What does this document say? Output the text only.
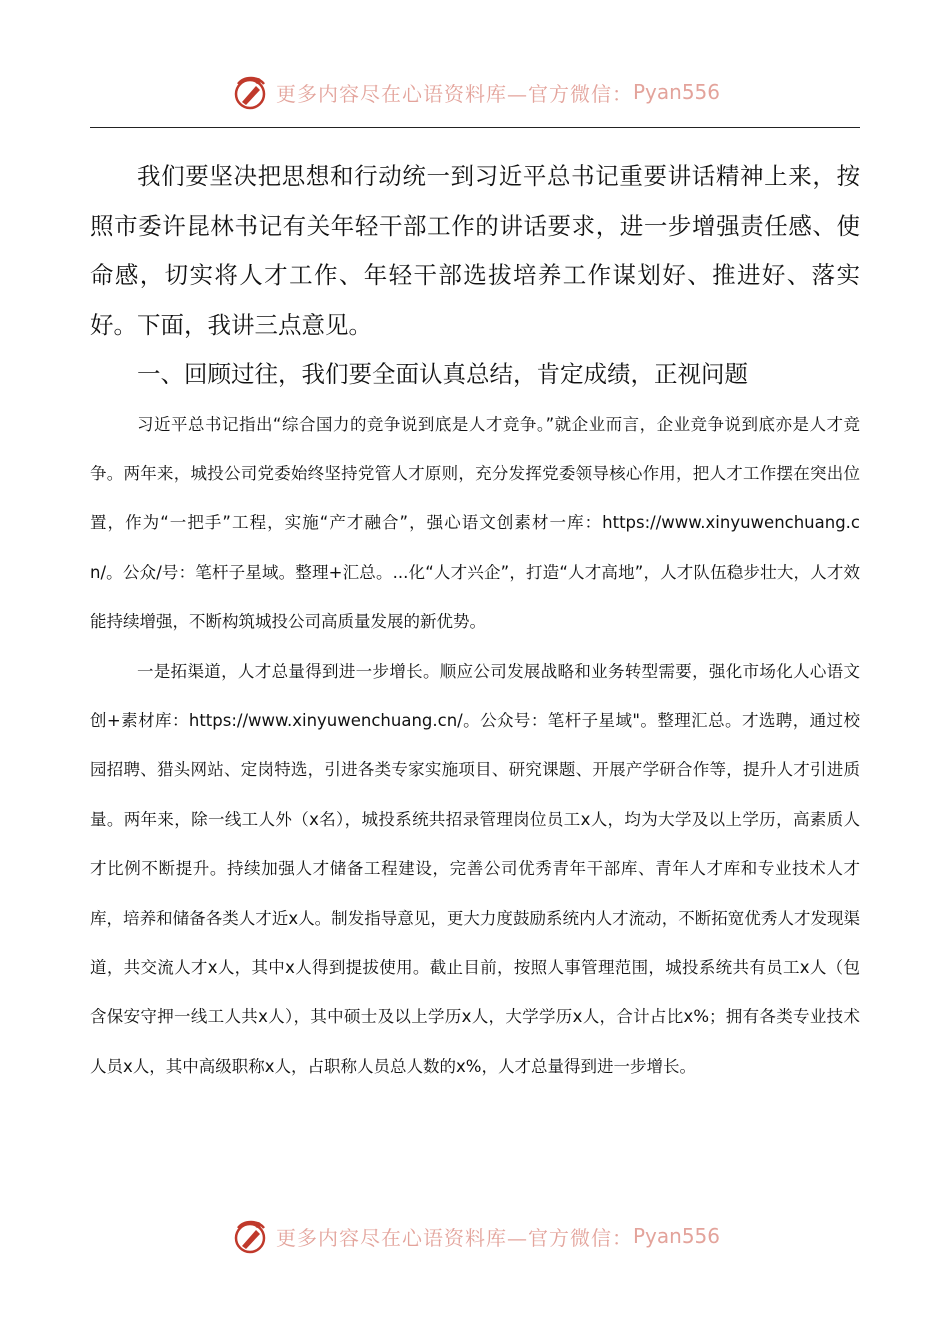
更多内容尽在心语资料库—官方微信： Pyan556

我们要坚决把思想和行动统一到习近平总书记重要讲话精神上来，按照市委许昆林书记有关年轻干部工作的讲话要求，进一步增强责任感、使命感，切实将人才工作、年轻干部选拔培养工作谋划好、推进好、落实好。下面，我讲三点意见。

一、回顾过往，我们要全面认真总结，肯定成绩，正视问题

习近平总书记指出“综合国力的竞争说到底是人才竞争。”就企业而言，企业竞争说到底亦是人才竞争。两年来，城投公司党委始终坚持党管人才原则，充分发挥党委领导核心作用，把人才工作摆在突出位置，作为“一把手”工程，实施“产才融合”，强心语文创素材一库：https://www.xinyuwenchuang.cn/。公众/号：笔杆子星域。整理+汇总。...化“人才兴企”，打造“人才高地”，人才队伍稳步壮大，人才效能持续增强，不断构筑城投公司高质量发展的新优势。

一是拓渠道，人才总量得到进一步增长。顺应公司发展战略和业务转型需要，强化市场化人心语文创+素材库：https://www.xinyuwenchuang.cn/。公众号：笔杆子星域"。整理汇总。才选聘，通过校园招聘、猎头网站、定岗特选，引进各类专家实施项目、研究课题、开展产学研合作等，提升人才引进质量。两年来，除一线工人外（x名），城投系统共招录管理岗位员工x人，均为大学及以上学历，高素质人才比例不断提升。持续加强人才储备工程建设，完善公司优秀青年干部库、青年人才库和专业技术人才库，培养和储备各类人才近x人。制发指导意见，更大力度鼓励系统内人才流动，不断拓宽优秀人才发现渠道，共交流人才x人，其中x人得到提拔使用。截止目前，按照人事管理范围，城投系统共有员工x人（包含保安守押一线工人共x人），其中硕士及以上学历x人，大学学历x人，合计占比x%；拥有各类专业技术人员x人，其中高级职称x人，占职称人员总人数的x%，人才总量得到进一步增长。

更多内容尽在心语资料库—官方微信： Pyan556
